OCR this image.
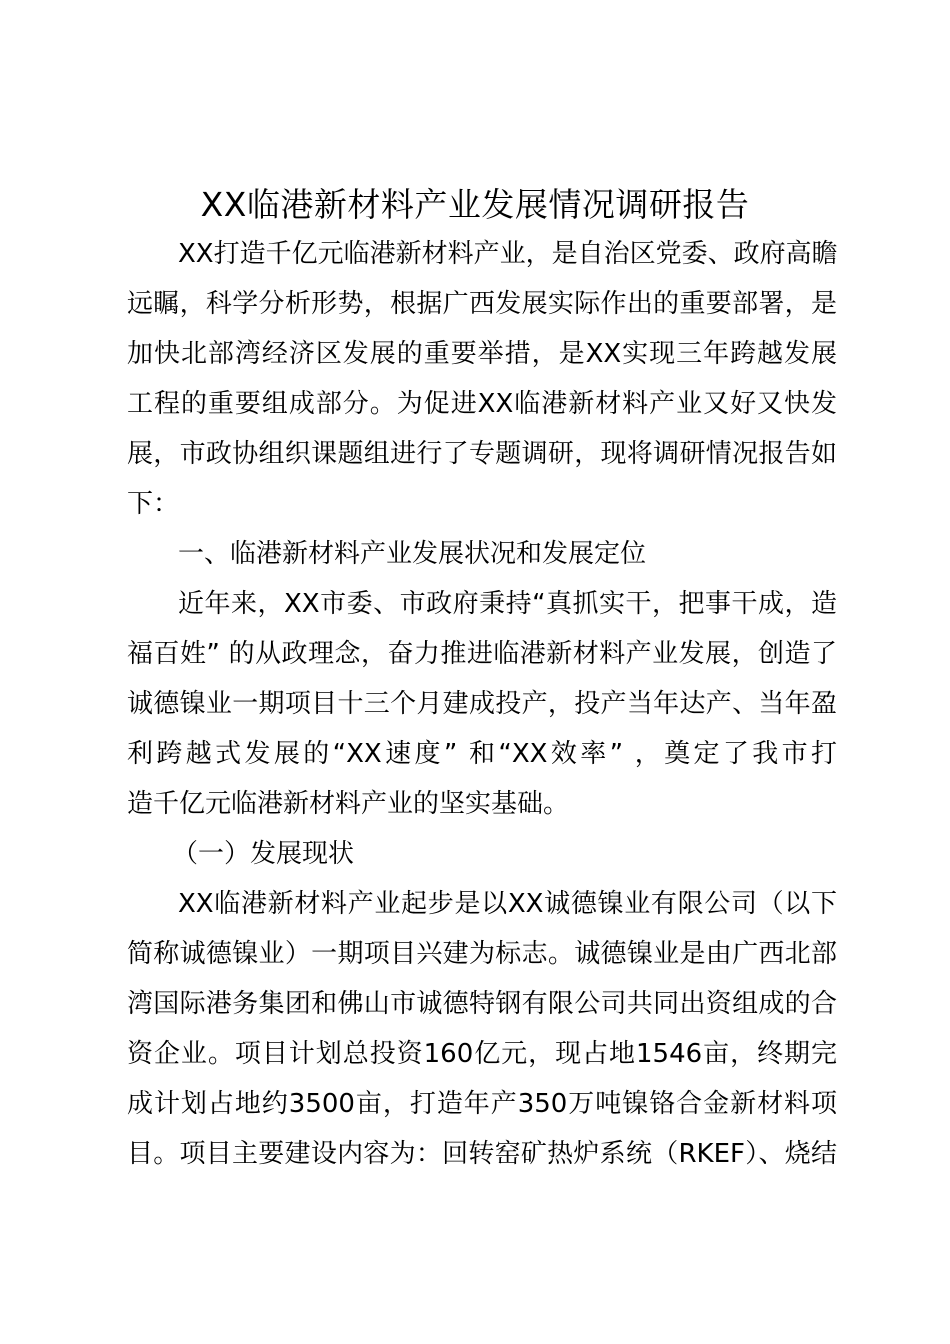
XX临港新材料产业发展情况调研报告
XX打造千亿元临港新材料产业，是自治区党委、政府高瞻
远瞩，科学分析形势，根据广西发展实际作出的重要部署，是
加快北部湾经济区发展的重要举措，是XX实现三年跨越发展
工程的重要组成部分。为促进XX临港新材料产业又好又快发
展，市政协组织课题组进行了专题调研，现将调研情况报告如
下：
一、临港新材料产业发展状况和发展定位
近年来，XX市委、市政府秉持“真抓实干，把事干成，造
福百姓” 的从政理念，奋力推进临港新材料产业发展，创造了
诚德镍业一期项目十三个月建成投产，投产当年达产、当年盈
利跨越式发展的“XX速度” 和“XX效率” ，奠定了我市打
造千亿元临港新材料产业的坚实基础。
（一）发展现状
XX临港新材料产业起步是以XX诚德镍业有限公司（以下
简称诚德镍业）一期项目兴建为标志。诚德镍业是由广西北部
湾国际港务集团和佛山市诚德特钢有限公司共同出资组成的合
资企业。项目计划总投资160亿元，现占地1546亩，终期完
成计划占地约3500亩，打造年产350万吨镍铬合金新材料项
目。项目主要建设内容为：回转窑矿热炉系统（RKEF）、烧结
